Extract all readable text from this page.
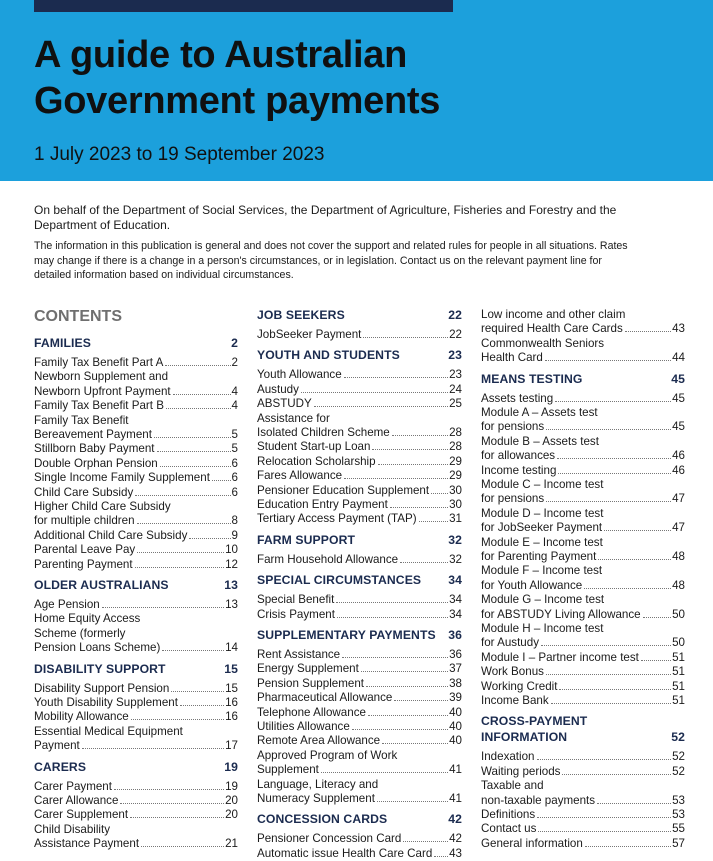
A guide to Australian
Government payments
1 July 2023 to 19 September 2023

On behalf of the Department of Social Services, the Department of Agriculture, Fisheries and Forestry and the Department of Education.

The information in this publication is general and does not cover the support and related rules for people in all situations. Rates may change if there is a change in a person's circumstances, or in legislation. Contact us on the relevant payment line for detailed information based on individual circumstances.

CONTENTS
FAMILIES	2
Family Tax Benefit Part A	2
Newborn Supplement and
Newborn Upfront Payment	4
Family Tax Benefit Part B	4
Family Tax Benefit
Bereavement Payment	5
Stillborn Baby Payment	5
Double Orphan Pension	6
Single Income Family Supplement 6
Child Care Subsidy	6
Higher Child Care Subsidy
for multiple children	8
Additional Child Care Subsidy	9
Parental Leave Pay	10
Parenting Payment	12
OLDER AUSTRALIANS	13
Age Pension	13
Home Equity Access
Scheme (formerly
Pension Loans Scheme)	14
DISABILITY SUPPORT	15
Disability Support Pension	15
Youth Disability Supplement	16
Mobility Allowance	16
Essential Medical Equipment
Payment	17
CARERS	19
Carer Payment	19
Carer Allowance	20
Carer Supplement	20
Child Disability
Assistance Payment	21
JOB SEEKERS	22
JobSeeker Payment	22
YOUTH AND STUDENTS	23
Youth Allowance	23
Austudy	24
ABSTUDY	25
Assistance for
Isolated Children Scheme	28
Student Start-up Loan	28
Relocation Scholarship	29
Fares Allowance	29
Pensioner Education Supplement 30
Education Entry Payment	30
Tertiary Access Payment (TAP)	31
FARM SUPPORT	32
Farm Household Allowance	32
SPECIAL CIRCUMSTANCES 34
Special Benefit	34
Crisis Payment	34
SUPPLEMENTARY PAYMENTS 36
Rent Assistance	36
Energy Supplement	37
Pension Supplement	38
Pharmaceutical Allowance	39
Telephone Allowance	40
Utilities Allowance	40
Remote Area Allowance	40
Approved Program of Work
Supplement	41
Language, Literacy and
Numeracy Supplement	41
CONCESSION CARDS	42
Pensioner Concession Card	42
Automatic issue Health Care Card 43
Low income and other claim
required Health Care Cards	43
Commonwealth Seniors
Health Card	44
MEANS TESTING	45
Assets testing	45
Module A – Assets test
for pensions	45
Module B – Assets test
for allowances	46
Income testing	46
Module C – Income test
for pensions	47
Module D – Income test
for JobSeeker Payment	47
Module E – Income test
for Parenting Payment	48
Module F – Income test
for Youth Allowance	48
Module G – Income test
for ABSTUDY Living Allowance	50
Module H – Income test
for Austudy	50
Module I – Partner income test	51
Work Bonus	51
Working Credit	51
Income Bank	51
CROSS-PAYMENT
INFORMATION	52
Indexation	52
Waiting periods	52
Taxable and
non-taxable payments	53
Definitions	53
Contact us	55
General information	57
